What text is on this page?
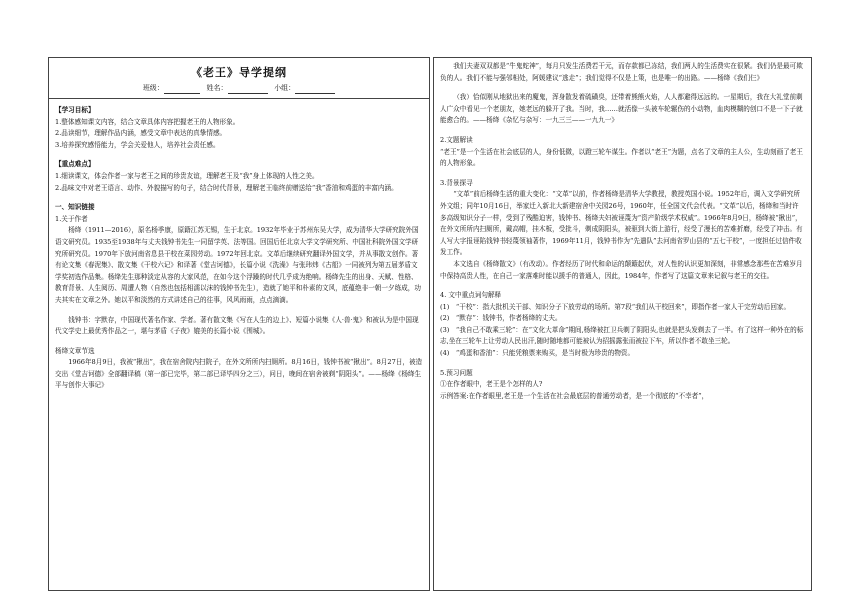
《老王》导学提纲
班级：	姓名：	小组：

【学习目标】

1.整体感知课文内容，结合文章具体内容把握老王的人物形象。

2.品读细节，理解作品内涵，感受文章中表达的真挚情感。

3.培养探究感悟能力，学会关爱他人，培养社会责任感。

【重点难点】

1.细读课文，体会作者一家与老王之间的珍贵友谊，理解老王及“我”身上体现的人性之美。

2.品味文中对老王语言、动作、外貌描写的句子，结合时代背景，理解老王临终前赠送给“我”香油和鸡蛋的丰富内涵。

一、知识链接

1.关于作者

杨绛（1911—2016），原名杨季康，原籍江苏无锡，生于北京。1932年毕业于苏州东吴大学，成为清华大学研究院外国语文研究员。1935至1938年与丈夫钱钟书先生一同留学英、法等国。回国后任北京大学文学研究所、中国社科院外国文学研究所研究员。1970年下放河南省息县干校在菜园劳动。1972年回北京。文革后继续研究翻译外国文学，并从事散文创作。著有论文集《春泥集》、散文集《干校六记》和译著《堂吉诃德》，长篇小说《洗澡》与张玮炜《古船》一同被列为第五届茅盾文学奖初选作品集。杨绛先生那种淡定从容的大家风范，在如今这个浮躁的时代几乎成为绝响。杨绛先生的出身、天赋、性格、教育背景、人生阅历、周遭人物（自然也包括相濡以沫的钱钟书先生），造就了她平和朴素的文风，底蕴绝非一朝一夕练成，功夫其实在文章之外。她以平和淡然的方式讲述自己的往事，风风雨雨，点点滴滴。

钱钟书：字默存，中国现代著名作家、学者。著有散文集《写在人生的边上》、短篇小说集《人·兽·鬼》和被认为是中国现代文学史上最优秀作品之一，堪与茅盾《子夜》媲美的长篇小说《围城》。

杨绛文章节选

1966年8月9日，我被“揪出”，我在宿舍院内扫院子，在外文所所内扫厕所。8月16日，钱钟书被“揪出”。8月27日，被造交出《堂吉诃德》全部翻译稿（第一部已完毕，第二部已译毕四分之三），问日，晚间在宿舍被剃“阴阳头”。——杨绛《杨绛生平与创作大事记》

我们夫妻双双都是“牛鬼蛇神”，每月只发生活费若干元，而存款都已冻结，我们两人的生活费实在很紧。我们仍是最可欺负的人。我们不能与强邻相处，阿媛建议“逃走”；我们觉得不仅是上策，也是唯一的出路。——杨绛《我们仨》

（我）恰似刚从地狱出来的魔鬼，浑身散发着硫磺臭，还带着熊熊火焰，人人都避得远远的。一星期后，我在大礼堂前剩人广众中看见一个老朋友，她老远的躲开了我。当时，我……就活像一头被车轮辗伤的小动物，血肉模糊的创口不是一下子就能愈合的。——杨绛《杂忆与杂写：一九三三——一九九一》

2.文题解读

“老王”是一个生活在社会底层的人，身份低微，以蹬三轮车谋生。作者以“老王”为题，点名了文章的主人公，生动刻画了老王的人物形象。

3.背景探寻

“文革”前后杨绛生活的重大变化：“文革”以前，作者杨绛是清华大学教授，教授英国小说。1952年后，调入文学研究所外文组；同年10月16日，举家迁入新北大新建宿舍中关园26号，1960年，任全国文代会代表。“文革”以后，杨绛和当时许多高级知识分子一样，受到了残酷迫害，钱钟书、杨绛夫妇被诬蔑为“资产阶级学术权威”。1966年8月9日，杨绛被“揪出”，在外文所所内扫厕所，戴高帽，挂木板，受批斗，剃成阴阳头，被驱到大街上游行，经受了漫长的苦难折磨，经受了冲击。有人写大字报诬陷钱钟书轻蔑领袖著作，1969年11月，钱钟书作为“先遣队”去河南省罗山县的“五七干校”，一度担任过信件收发工作。

本文选自《杨绛散文》（有改动）。作者经历了时代和命运的颠簸起伏，对人性的认识更加深刻，非常感念那些在苦难岁月中保持高贵人性，在自己一家落难时能以援手的普通人，因此，1984年，作者写了这篇文章来记叙与老王的交往。

4. 文中重点词句解释

(1)　“干校”：指大批机关干部、知识分子下放劳动的场所。第7段“我们从干校回来”，即指作者一家人干完劳动后回家。

(2)　“默存”：钱钟书，作者杨绛的丈夫。

(3)　“我自己不敢乘三轮”：在“文化大革命”期间,杨绛被扛卫兵剃了阴阳头,也就是把头发剃去了一半。有了这样一种外在的标志,坐在三轮车上让劳动人民出汗,随时随地都可能被认为招摇露张而被拉下车，所以作者不敢坐三轮。

(4)　“鸡蛋和香油”：只能凭粮票来购买，是当时极为珍贵的物资。

5.预习问题

①在作者眼中，老王是个怎样的人?

示例答案:在作者眼里,老王是一个生活在社会最底层的普通劳动者，是一个彻底的“不幸者”，
